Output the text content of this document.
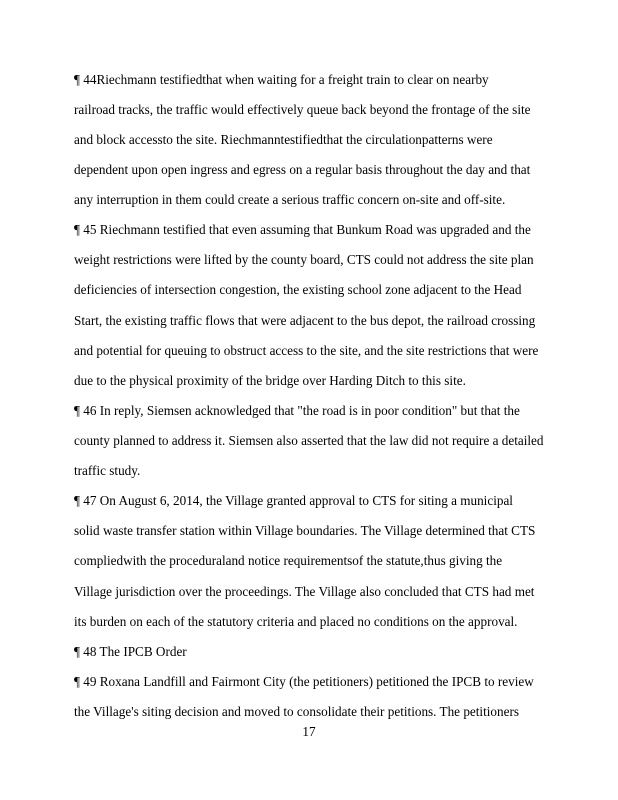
¶ 44Riechmann testifiedthat when waiting for a freight train to clear on nearby
railroad tracks, the traffic would effectively queue back beyond the frontage of the site
and block accessto the site. Riechmanntestifiedthat the circulationpatterns were
dependent upon open ingress and egress on a regular basis throughout the day and that
any interruption in them could create a serious traffic concern on-site and off-site.
¶ 45 Riechmann testified that even assuming that Bunkum Road was upgraded and the
weight restrictions were lifted by the county board, CTS could not address the site plan
deficiencies of intersection congestion, the existing school zone adjacent to the Head
Start, the existing traffic flows that were adjacent to the bus depot, the railroad crossing
and potential for queuing to obstruct access to the site, and the site restrictions that were
due to the physical proximity of the bridge over Harding Ditch to this site.
¶ 46 In reply, Siemsen acknowledged that "the road is in poor condition" but that the
county planned to address it. Siemsen also asserted that the law did not require a detailed
traffic study.
¶ 47 On August 6, 2014, the Village granted approval to CTS for siting a municipal
solid waste transfer station within Village boundaries. The Village determined that CTS
compliedwith the proceduraland notice requirementsof the statute,thus giving the
Village jurisdiction over the proceedings. The Village also concluded that CTS had met
its burden on each of the statutory criteria and placed no conditions on the approval.
¶ 48 The IPCB Order
¶ 49 Roxana Landfill and Fairmont City (the petitioners) petitioned the IPCB to review
the Village's siting decision and moved to consolidate their petitions. The petitioners
17
